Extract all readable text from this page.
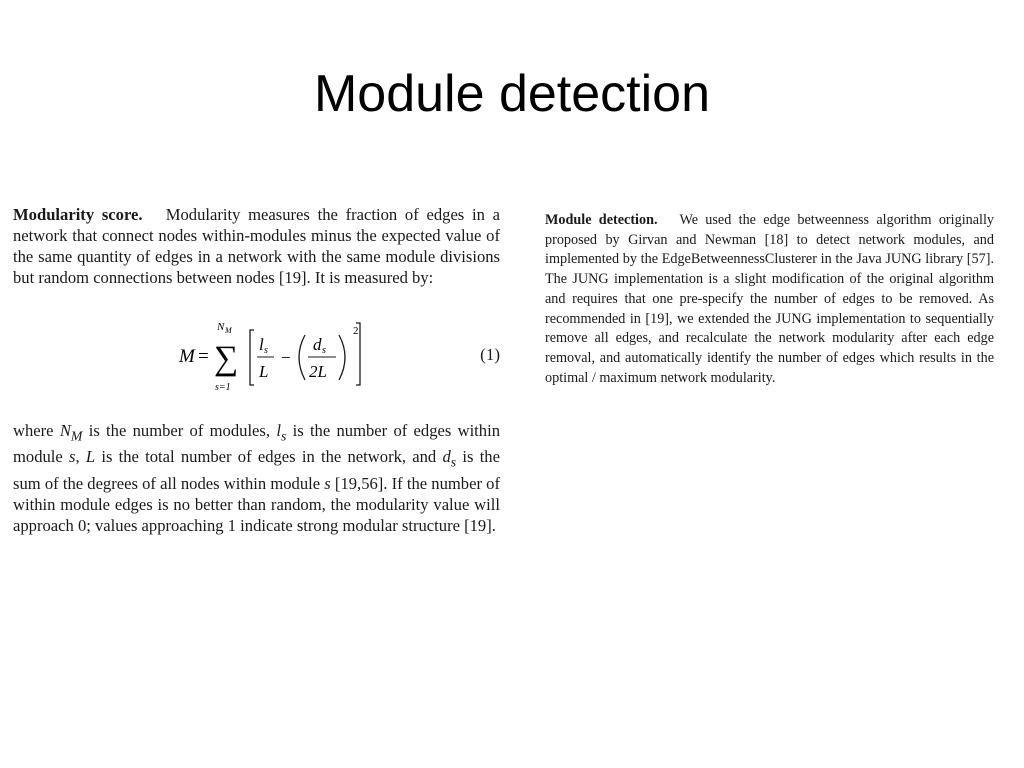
Module detection

Modularity score. Modularity measures the fraction of edges in a network that connect nodes within-modules minus the expected value of the same quantity of edges in a network with the same module divisions but random connections between nodes [19]. It is measured by:

M =
N M
∑
s=1
l s
L
−
d s
2L
2
(1)

where $N_M$ is the number of modules, $l_s$ is the number of edges within module s, L is the total number of edges in the network, and $d_s$ is the sum of the degrees of all nodes within module s [19,56]. If the number of within module edges is no better than random, the modularity value will approach 0; values approaching 1 indicate strong modular structure [19].

Module detection. We used the edge betweenness algorithm originally proposed by Girvan and Newman [18] to detect network modules, and implemented by the EdgeBetweennessClusterer in the Java JUNG library [57]. The JUNG implementation is a slight modification of the original algorithm and requires that one pre-specify the number of edges to be removed. As recommended in [19], we extended the JUNG implementation to sequentially remove all edges, and recalculate the network modularity after each edge removal, and automatically identify the number of edges which results in the optimal / maximum network modularity.
